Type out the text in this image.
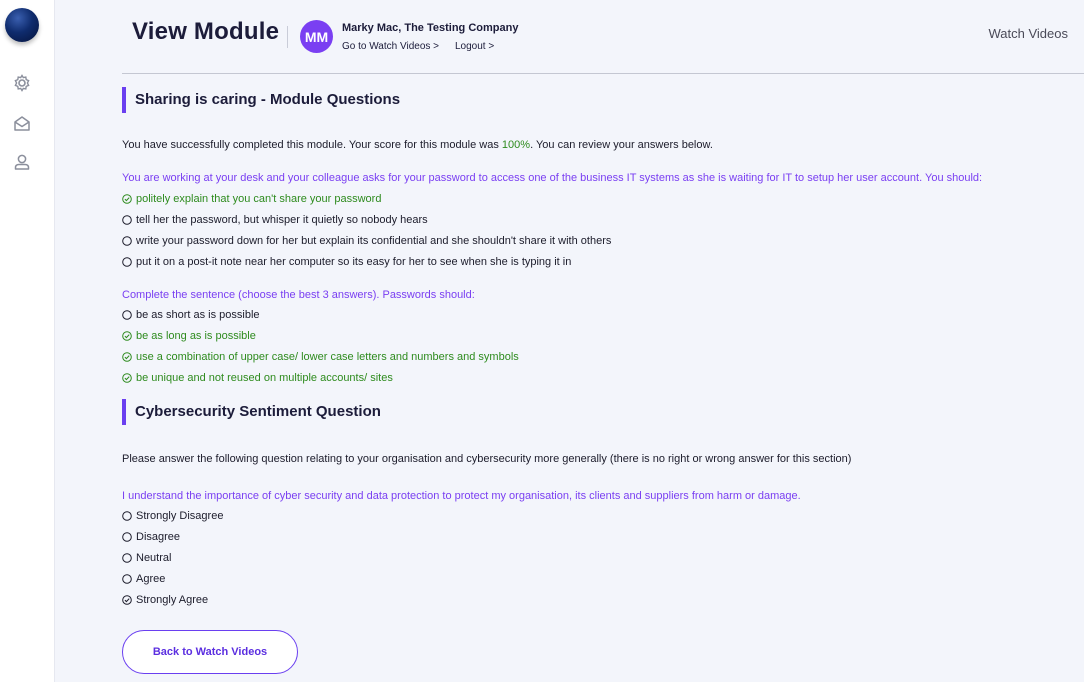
View Module	MM
Marky Mac, The Testing Company
Go to Watch Videos > Logout >
Watch Videos
Sharing is caring - Module Questions
You have successfully completed this module. Your score for this module was 100%. You can review your answers below.
You are working at your desk and your colleague asks for your password to access one of the business IT systems as she is waiting for IT to setup her user account. You should:
politely explain that you can't share your password
tell her the password, but whisper it quietly so nobody hears
write your password down for her but explain its confidential and she shouldn't share it with others
put it on a post-it note near her computer so its easy for her to see when she is typing it in
Complete the sentence (choose the best 3 answers). Passwords should:
be as short as is possible
be as long as is possible
use a combination of upper case/ lower case letters and numbers and symbols
be unique and not reused on multiple accounts/ sites
Cybersecurity Sentiment Question
Please answer the following question relating to your organisation and cybersecurity more generally (there is no right or wrong answer for this section)
I understand the importance of cyber security and data protection to protect my organisation, its clients and suppliers from harm or damage.
Strongly Disagree
Disagree
Neutral
Agree
Strongly Agree
Back to Watch Videos
